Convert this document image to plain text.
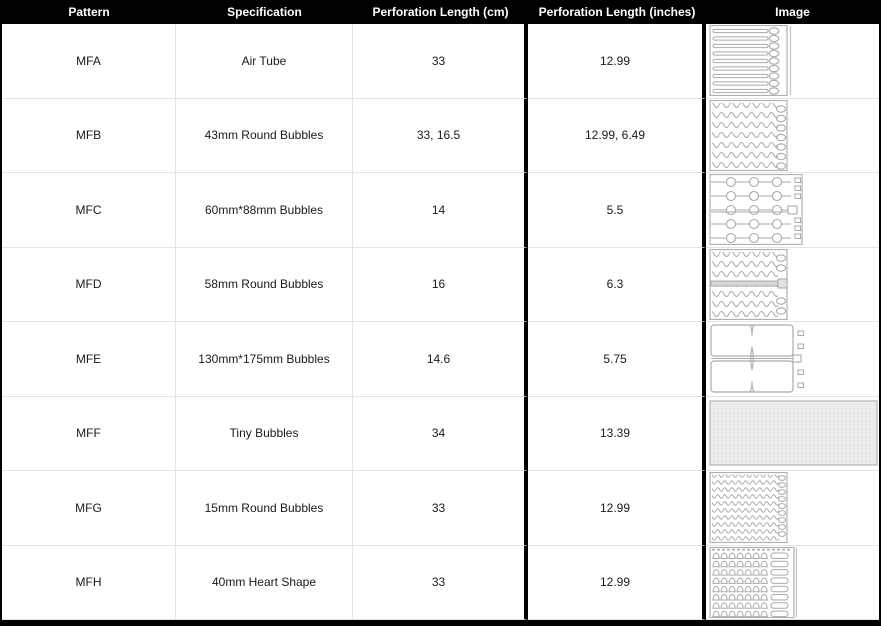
Pattern	Specification	Perforation Length (cm)	Perforation Length (inches)	Image
MFA	Air Tube	33	12.99
MFB	43mm Round Bubbles	33, 16.5	12.99, 6.49
MFC	60mm*88mm Bubbles	14	5.5
MFD	58mm Round Bubbles	16	6.3
MFE	130mm*175mm Bubbles	14.6	5.75
MFF	Tiny Bubbles	34	13.39
MFG	15mm Round Bubbles	33	12.99
MFH	40mm Heart Shape	33	12.99
